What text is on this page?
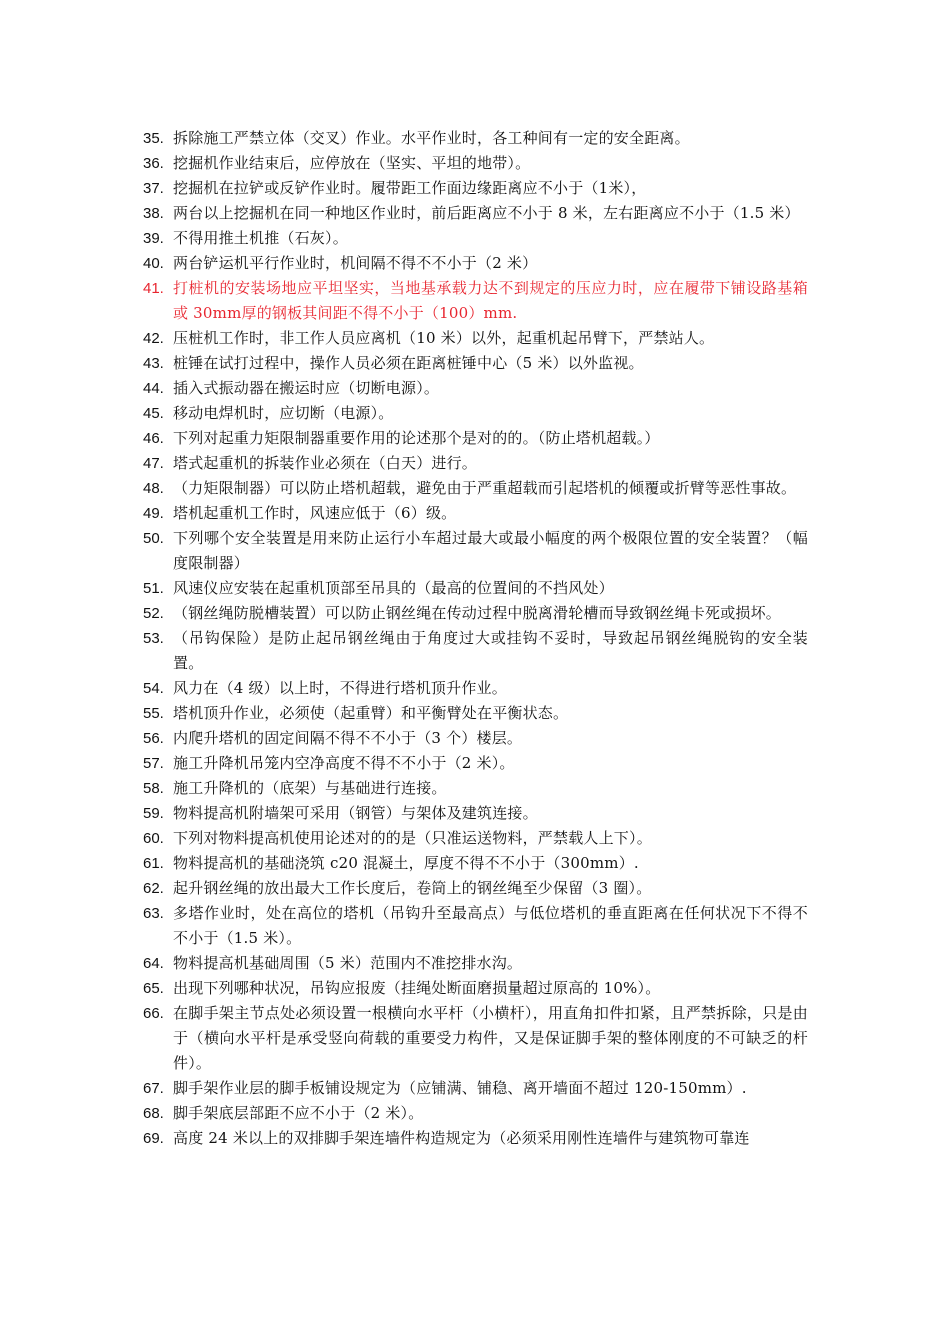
35. 拆除施工严禁立体（交叉）作业。水平作业时，各工种间有一定的安全距离。
36. 挖掘机作业结束后，应停放在（坚实、平坦的地带）。
37. 挖掘机在拉铲或反铲作业时。履带距工作面边缘距离应不小于（1米），
38. 两台以上挖掘机在同一种地区作业时，前后距离应不小于 8 米，左右距离应不小于（1.5 米）
39. 不得用推土机推（石灰）。
40. 两台铲运机平行作业时，机间隔不得不不小于（2 米）
41. 打桩机的安装场地应平坦坚实，当地基承载力达不到规定的压应力时，应在履带下铺设路基箱或 30mm厚的钢板其间距不得不小于（100）mm.
42. 压桩机工作时，非工作人员应离机（10 米）以外，起重机起吊臂下，严禁站人。
43. 桩锤在试打过程中，操作人员必须在距离桩锤中心（5 米）以外监视。
44. 插入式振动器在搬运时应（切断电源）。
45. 移动电焊机时，应切断（电源）。
46. 下列对起重力矩限制器重要作用的论述那个是对的的。（防止塔机超载。）
47. 塔式起重机的拆装作业必须在（白天）进行。
48. （力矩限制器）可以防止塔机超载，避免由于严重超载而引起塔机的倾覆或折臂等恶性事故。
49. 塔机起重机工作时，风速应低于（6）级。
50. 下列哪个安全装置是用来防止运行小车超过最大或最小幅度的两个极限位置的安全装置？（幅度限制器）
51. 风速仪应安装在起重机顶部至吊具的（最高的位置间的不挡风处）
52. （钢丝绳防脱槽装置）可以防止钢丝绳在传动过程中脱离滑轮槽而导致钢丝绳卡死或损坏。
53. （吊钩保险）是防止起吊钢丝绳由于角度过大或挂钩不妥时，导致起吊钢丝绳脱钩的安全装置。
54. 风力在（4 级）以上时，不得进行塔机顶升作业。
55. 塔机顶升作业，必须使（起重臂）和平衡臂处在平衡状态。
56. 内爬升塔机的固定间隔不得不不小于（3 个）楼层。
57. 施工升降机吊笼内空净高度不得不不小于（2 米）。
58. 施工升降机的（底架）与基础进行连接。
59. 物料提高机附墙架可采用（钢管）与架体及建筑连接。
60. 下列对物料提高机使用论述对的的是（只准运送物料，严禁载人上下）。
61. 物料提高机的基础浇筑 c20 混凝土，厚度不得不不小于（300mm）.
62. 起升钢丝绳的放出最大工作长度后，卷筒上的钢丝绳至少保留（3 圈）。
63. 多塔作业时，处在高位的塔机（吊钩升至最高点）与低位塔机的垂直距离在任何状况下不得不不小于（1.5 米）。
64. 物料提高机基础周围（5 米）范围内不准挖排水沟。
65. 出现下列哪种状况，吊钩应报废（挂绳处断面磨损量超过原高的 10%）。
66. 在脚手架主节点处必须设置一根横向水平杆（小横杆），用直角扣件扣紧，且严禁拆除，只是由于（横向水平杆是承受竖向荷载的重要受力构件，又是保证脚手架的整体刚度的不可缺乏的杆件）。
67. 脚手架作业层的脚手板铺设规定为（应铺满、铺稳、离开墙面不超过 120-150mm）.
68. 脚手架底层部距不应不小于（2 米）。
69. 高度 24 米以上的双排脚手架连墙件构造规定为（必须采用刚性连墙件与建筑物可靠连
